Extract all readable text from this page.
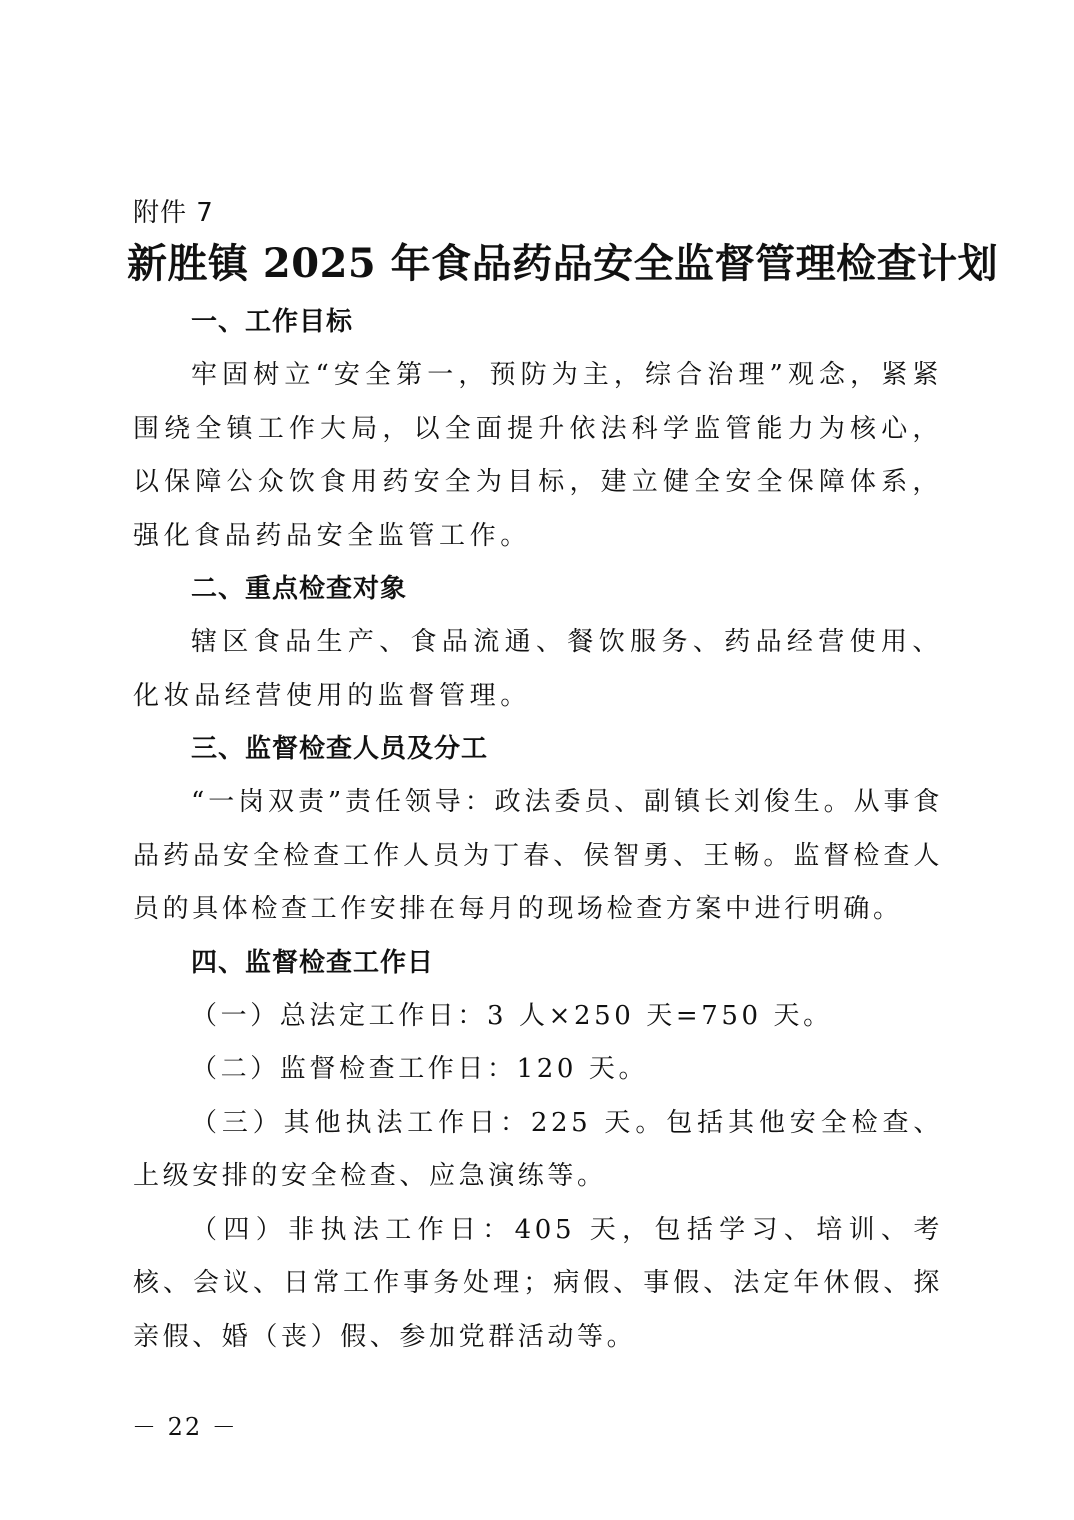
附件 7
新胜镇 2025 年食品药品安全监督管理检查计划

一、工作目标

牢固树立“安全第一，预防为主，综合治理”观念，紧紧围绕全镇工作大局，以全面提升依法科学监管能力为核心，以保障公众饮食用药安全为目标，建立健全安全保障体系，强化食品药品安全监管工作。

二、重点检查对象

辖区食品生产、食品流通、餐饮服务、药品经营使用、化妆品经营使用的监督管理。

三、监督检查人员及分工

“一岗双责”责任领导：政法委员、副镇长刘俊生。从事食品药品安全检查工作人员为丁春、侯智勇、王畅。监督检查人员的具体检查工作安排在每月的现场检查方案中进行明确。

四、监督检查工作日

（一）总法定工作日：3 人×250 天=750 天。

（二）监督检查工作日：120 天。

（三）其他执法工作日：225 天。包括其他安全检查、上级安排的安全检查、应急演练等。

（四）非执法工作日：405 天，包括学习、培训、考核、会议、日常工作事务处理；病假、事假、法定年休假、探亲假、婚（丧）假、参加党群活动等。

－ 22 －
